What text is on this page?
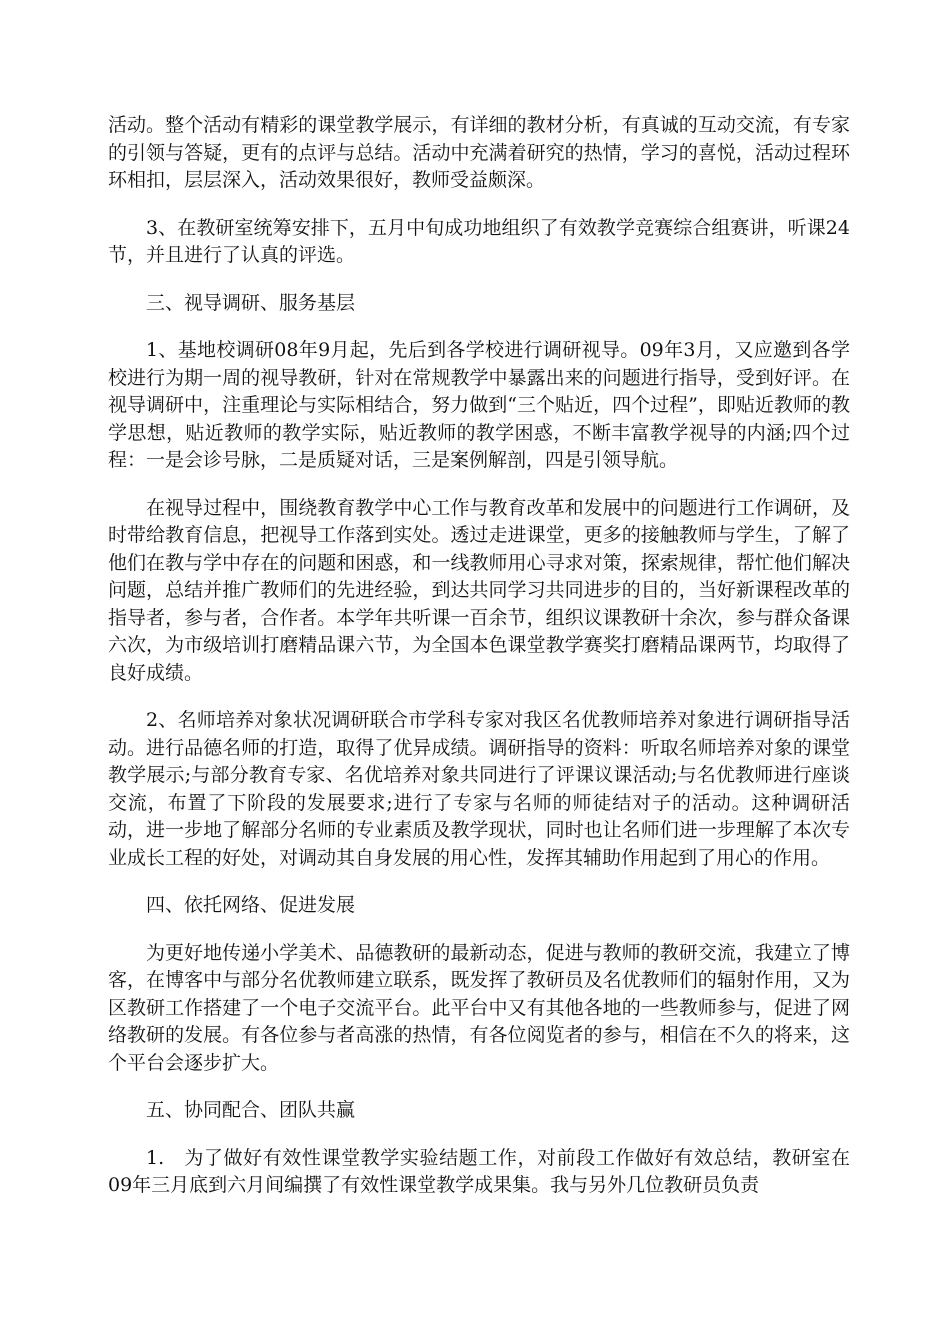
活动。整个活动有精彩的课堂教学展示，有详细的教材分析，有真诚的互动交流，有专家的引领与答疑，更有的点评与总结。活动中充满着研究的热情，学习的喜悦，活动过程环环相扣，层层深入，活动效果很好，教师受益颇深。

3、在教研室统筹安排下，五月中旬成功地组织了有效教学竞赛综合组赛讲，听课24节，并且进行了认真的评选。

三、视导调研、服务基层

1、基地校调研08年9月起，先后到各学校进行调研视导。09年3月，又应邀到各学校进行为期一周的视导教研，针对在常规教学中暴露出来的问题进行指导，受到好评。在视导调研中，注重理论与实际相结合，努力做到“三个贴近，四个过程”，即贴近教师的教学思想，贴近教师的教学实际，贴近教师的教学困惑，不断丰富教学视导的内涵;四个过程：一是会诊号脉，二是质疑对话，三是案例解剖，四是引领导航。

在视导过程中，围绕教育教学中心工作与教育改革和发展中的问题进行工作调研，及时带给教育信息，把视导工作落到实处。透过走进课堂，更多的接触教师与学生，了解了他们在教与学中存在的问题和困惑，和一线教师用心寻求对策，探索规律，帮忙他们解决问题，总结并推广教师们的先进经验，到达共同学习共同进步的目的，当好新课程改革的指导者，参与者，合作者。本学年共听课一百余节，组织议课教研十余次，参与群众备课六次，为市级培训打磨精品课六节，为全国本色课堂教学赛奖打磨精品课两节，均取得了良好成绩。

2、名师培养对象状况调研联合市学科专家对我区名优教师培养对象进行调研指导活动。进行品德名师的打造，取得了优异成绩。调研指导的资料：听取名师培养对象的课堂教学展示;与部分教育专家、名优培养对象共同进行了评课议课活动;与名优教师进行座谈交流，布置了下阶段的发展要求;进行了专家与名师的师徒结对子的活动。这种调研活动，进一步地了解部分名师的专业素质及教学现状，同时也让名师们进一步理解了本次专业成长工程的好处，对调动其自身发展的用心性，发挥其辅助作用起到了用心的作用。

四、依托网络、促进发展

为更好地传递小学美术、品德教研的最新动态，促进与教师的教研交流，我建立了博客，在博客中与部分名优教师建立联系，既发挥了教研员及名优教师们的辐射作用，又为区教研工作搭建了一个电子交流平台。此平台中又有其他各地的一些教师参与，促进了网络教研的发展。有各位参与者高涨的热情，有各位阅览者的参与，相信在不久的将来，这个平台会逐步扩大。

五、协同配合、团队共赢

1.　为了做好有效性课堂教学实验结题工作，对前段工作做好有效总结，教研室在09年三月底到六月间编撰了有效性课堂教学成果集。我与另外几位教研员负责
